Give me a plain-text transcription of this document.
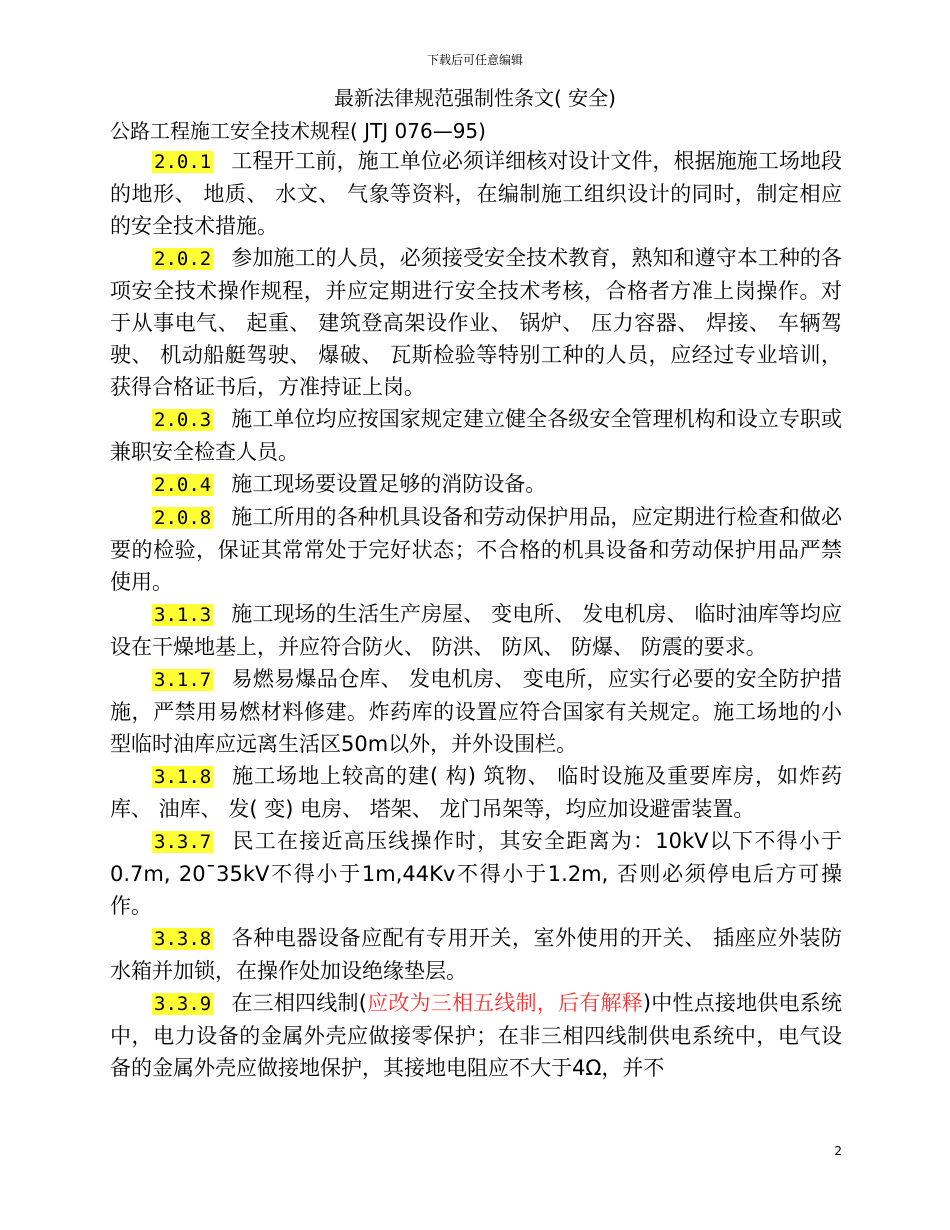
下载后可任意编辑
最新法律规范强制性条文( 安全)
公路工程施工安全技术规程( JTJ 076—95)

2.0.1 工程开工前，施工单位必须详细核对设计文件，根据施施工场地段的地形、 地质、 水文、 气象等资料，在编制施工组织设计的同时，制定相应的安全技术措施。

2.0.2 参加施工的人员，必须接受安全技术教育，熟知和遵守本工种的各项安全技术操作规程，并应定期进行安全技术考核，合格者方准上岗操作。对于从事电气、 起重、 建筑登高架设作业、 锅炉、 压力容器、 焊接、 车辆驾驶、 机动船艇驾驶、 爆破、 瓦斯检验等特别工种的人员，应经过专业培训，获得合格证书后，方准持证上岗。

2.0.3 施工单位均应按国家规定建立健全各级安全管理机构和设立专职或兼职安全检查人员。

2.0.4 施工现场要设置足够的消防设备。

2.0.8 施工所用的各种机具设备和劳动保护用品，应定期进行检查和做必要的检验，保证其常常处于完好状态；不合格的机具设备和劳动保护用品严禁使用。

3.1.3 施工现场的生活生产房屋、 变电所、 发电机房、 临时油库等均应设在干燥地基上，并应符合防火、 防洪、 防风、 防爆、 防震的要求。

3.1.7 易燃易爆品仓库、 发电机房、 变电所，应实行必要的安全防护措施，严禁用易燃材料修建。炸药库的设置应符合国家有关规定。施工场地的小型临时油库应远离生活区50m以外，并外设围栏。

3.1.8 施工场地上较高的建( 构) 筑物、 临时设施及重要库房，如炸药库、 油库、 发( 变) 电房、 塔架、 龙门吊架等，均应加设避雷装置。

3.3.7 民工在接近高压线操作时，其安全距离为：10kV以下不得小于0.7m, 20¯35kV不得小于1m,44Kv不得小于1.2m, 否则必须停电后方可操作。

3.3.8 各种电器设备应配有专用开关，室外使用的开关、 插座应外装防水箱并加锁，在操作处加设绝缘垫层。

3.3.9 在三相四线制(应改为三相五线制，后有解释)中性点接地供电系统中，电力设备的金属外壳应做接零保护；在非三相四线制供电系统中，电气设备的金属外壳应做接地保护，其接地电阻应不大于4Ω，并不

2
